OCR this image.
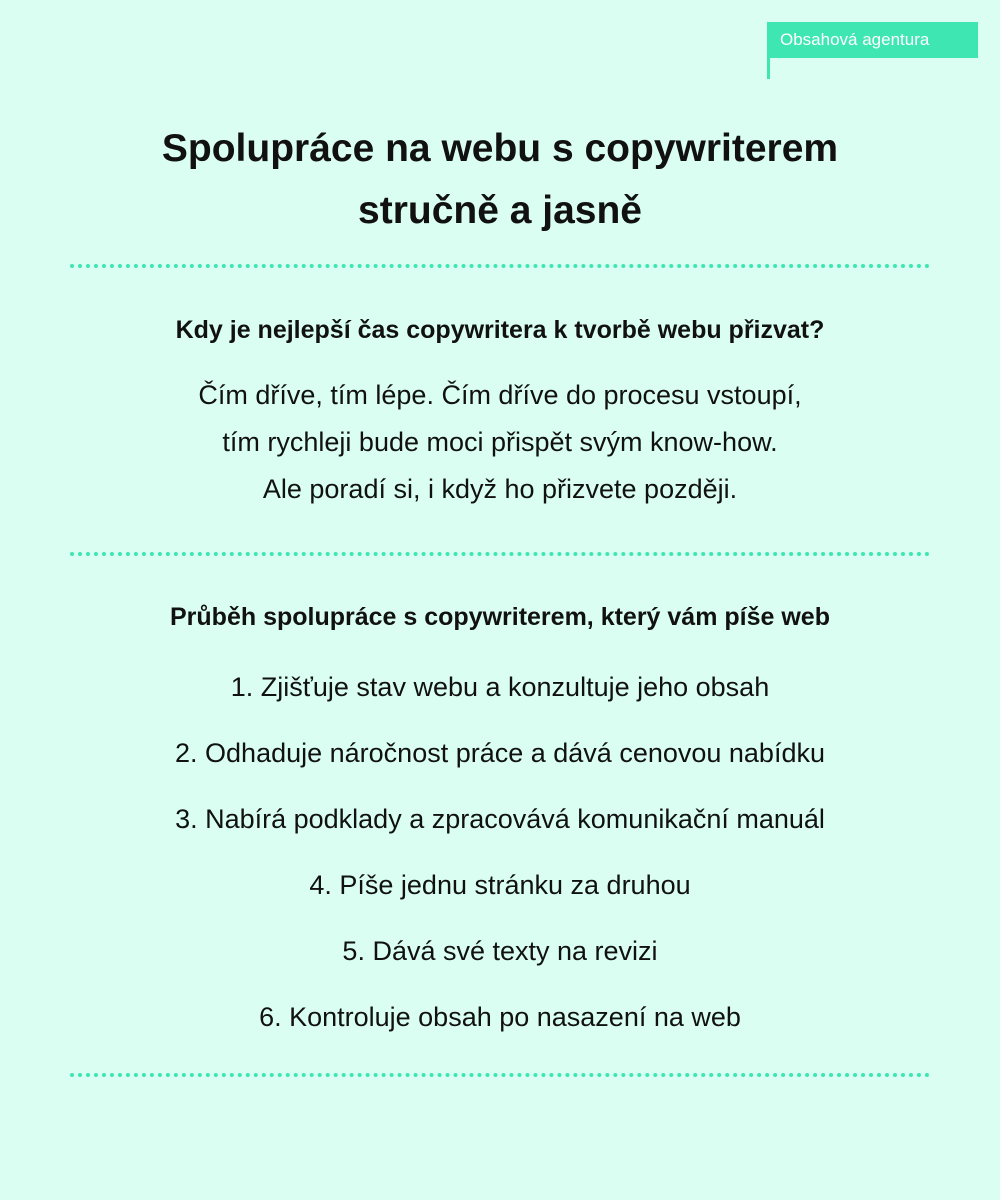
Obsahová agentura
Spolupráce na webu s copywriterem
stručně a jasně
Kdy je nejlepší čas copywritera k tvorbě webu přizvat?
Čím dříve, tím lépe. Čím dříve do procesu vstoupí,
tím rychleji bude moci přispět svým know-how.
Ale poradí si, i když ho přizvete později.
Průběh spolupráce s copywriterem, který vám píše web
1. Zjišťuje stav webu a konzultuje jeho obsah
2. Odhaduje náročnost práce a dává cenovou nabídku
3. Nabírá podklady a zpracovává komunikační manuál
4. Píše jednu stránku za druhou
5. Dává své texty na revizi
6. Kontroluje obsah po nasazení na web
